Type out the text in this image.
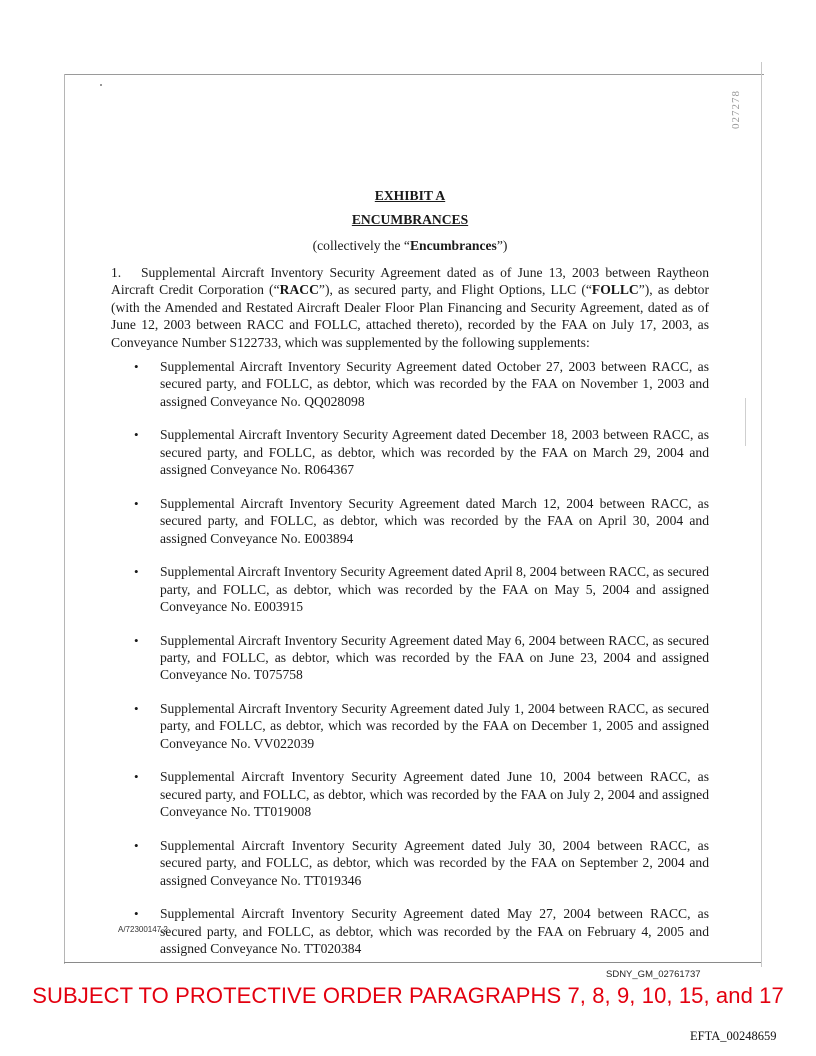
027278

EXHIBIT A

ENCUMBRANCES

(collectively the “Encumbrances”)
1. Supplemental Aircraft Inventory Security Agreement dated as of June 13, 2003 between Raytheon Aircraft Credit Corporation (“RACC”), as secured party, and Flight Options, LLC (“FOLLC”), as debtor (with the Amended and Restated Aircraft Dealer Floor Plan Financing and Security Agreement, dated as of June 12, 2003 between RACC and FOLLC, attached thereto), recorded by the FAA on July 17, 2003, as Conveyance Number S122733, which was supplemented by the following supplements:
• Supplemental Aircraft Inventory Security Agreement dated October 27, 2003 between RACC, as secured party, and FOLLC, as debtor, which was recorded by the FAA on November 1, 2003 and assigned Conveyance No. QQ028098
• Supplemental Aircraft Inventory Security Agreement dated December 18, 2003 between RACC, as secured party, and FOLLC, as debtor, which was recorded by the FAA on March 29, 2004 and assigned Conveyance No. R064367
• Supplemental Aircraft Inventory Security Agreement dated March 12, 2004 between RACC, as secured party, and FOLLC, as debtor, which was recorded by the FAA on April 30, 2004 and assigned Conveyance No. E003894
• Supplemental Aircraft Inventory Security Agreement dated April 8, 2004 between RACC, as secured party, and FOLLC, as debtor, which was recorded by the FAA on May 5, 2004 and assigned Conveyance No. E003915
• Supplemental Aircraft Inventory Security Agreement dated May 6, 2004 between RACC, as secured party, and FOLLC, as debtor, which was recorded by the FAA on June 23, 2004 and assigned Conveyance No. T075758
• Supplemental Aircraft Inventory Security Agreement dated July 1, 2004 between RACC, as secured party, and FOLLC, as debtor, which was recorded by the FAA on December 1, 2005 and assigned Conveyance No. VV022039
• Supplemental Aircraft Inventory Security Agreement dated June 10, 2004 between RACC, as secured party, and FOLLC, as debtor, which was recorded by the FAA on July 2, 2004 and assigned Conveyance No. TT019008
• Supplemental Aircraft Inventory Security Agreement dated July 30, 2004 between RACC, as secured party, and FOLLC, as debtor, which was recorded by the FAA on September 2, 2004 and assigned Conveyance No. TT019346
• Supplemental Aircraft Inventory Security Agreement dated May 27, 2004 between RACC, as secured party, and FOLLC, as debtor, which was recorded by the FAA on February 4, 2005 and assigned Conveyance No. TT020384
A/72300147.2
SDNY_GM_02761737
SUBJECT TO PROTECTIVE ORDER PARAGRAPHS 7, 8, 9, 10, 15, and 17
EFTA_00248659
